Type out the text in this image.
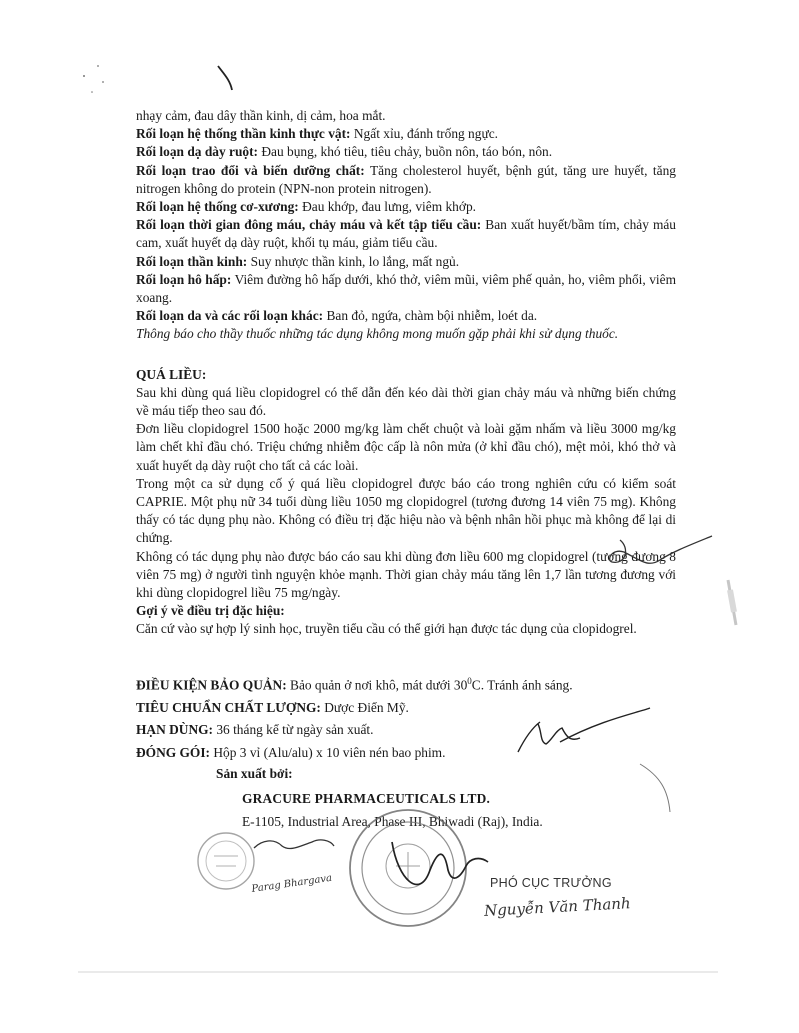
nhạy cảm, đau dây thần kinh, dị cảm, hoa mắt.

Rối loạn hệ thống thần kinh thực vật: Ngất xỉu, đánh trống ngực.

Rối loạn dạ dày ruột: Đau bụng, khó tiêu, tiêu chảy, buồn nôn, táo bón, nôn.

Rối loạn trao đổi và biến dưỡng chất: Tăng cholesterol huyết, bệnh gút, tăng ure huyết, tăng nitrogen không do protein (NPN-non protein nitrogen).

Rối loạn hệ thống cơ-xương: Đau khớp, đau lưng, viêm khớp.

Rối loạn thời gian đông máu, chảy máu và kết tập tiểu cầu: Ban xuất huyết/bầm tím, chảy máu cam, xuất huyết dạ dày ruột, khối tụ máu, giảm tiểu cầu.

Rối loạn thần kinh: Suy nhược thần kinh, lo lắng, mất ngủ.

Rối loạn hô hấp: Viêm đường hô hấp dưới, khó thở, viêm mũi, viêm phế quản, ho, viêm phổi, viêm xoang.

Rối loạn da và các rối loạn khác: Ban đỏ, ngứa, chàm bội nhiễm, loét da.

Thông báo cho thầy thuốc những tác dụng không mong muốn gặp phải khi sử dụng thuốc.

QUÁ LIỀU:

Sau khi dùng quá liều clopidogrel có thể dẫn đến kéo dài thời gian chảy máu và những biến chứng về máu tiếp theo sau đó.

Đơn liều clopidogrel 1500 hoặc 2000 mg/kg làm chết chuột và loài gặm nhấm và liều 3000 mg/kg làm chết khỉ đầu chó. Triệu chứng nhiễm độc cấp là nôn mửa (ở khỉ đầu chó), mệt mỏi, khó thở và xuất huyết dạ dày ruột cho tất cả các loài.

Trong một ca sử dụng cố ý quá liều clopidogrel được báo cáo trong nghiên cứu có kiểm soát CAPRIE. Một phụ nữ 34 tuổi dùng liều 1050 mg clopidogrel (tương đương 14 viên 75 mg). Không thấy có tác dụng phụ nào. Không có điều trị đặc hiệu nào và bệnh nhân hồi phục mà không để lại di chứng.

Không có tác dụng phụ nào được báo cáo sau khi dùng đơn liều 600 mg clopidogrel (tương đương 8 viên 75 mg) ở người tình nguyện khỏe mạnh. Thời gian chảy máu tăng lên 1,7 lần tương đương với khi dùng clopidogrel liều 75 mg/ngày.

Gợi ý về điều trị đặc hiệu:

Căn cứ vào sự hợp lý sinh học, truyền tiểu cầu có thể giới hạn được tác dụng của clopidogrel.

ĐIỀU KIỆN BẢO QUẢN: Bảo quản ở nơi khô, mát dưới $30^0C$. Tránh ánh sáng.

TIÊU CHUẨN CHẤT LƯỢNG: Dược Điển Mỹ.

HẠN DÙNG: 36 tháng kể từ ngày sản xuất.

ĐÓNG GÓI: Hộp 3 vỉ (Alu/alu) x 10 viên nén bao phim.

Sản xuất bởi:
GRACURE PHARMACEUTICALS LTD.
E-1105, Industrial Area, Phase III, Bhiwadi (Raj), India.
Parag Bhargava	PHÓ CỤC TRƯỞNG
Nguyễn Văn Thanh
